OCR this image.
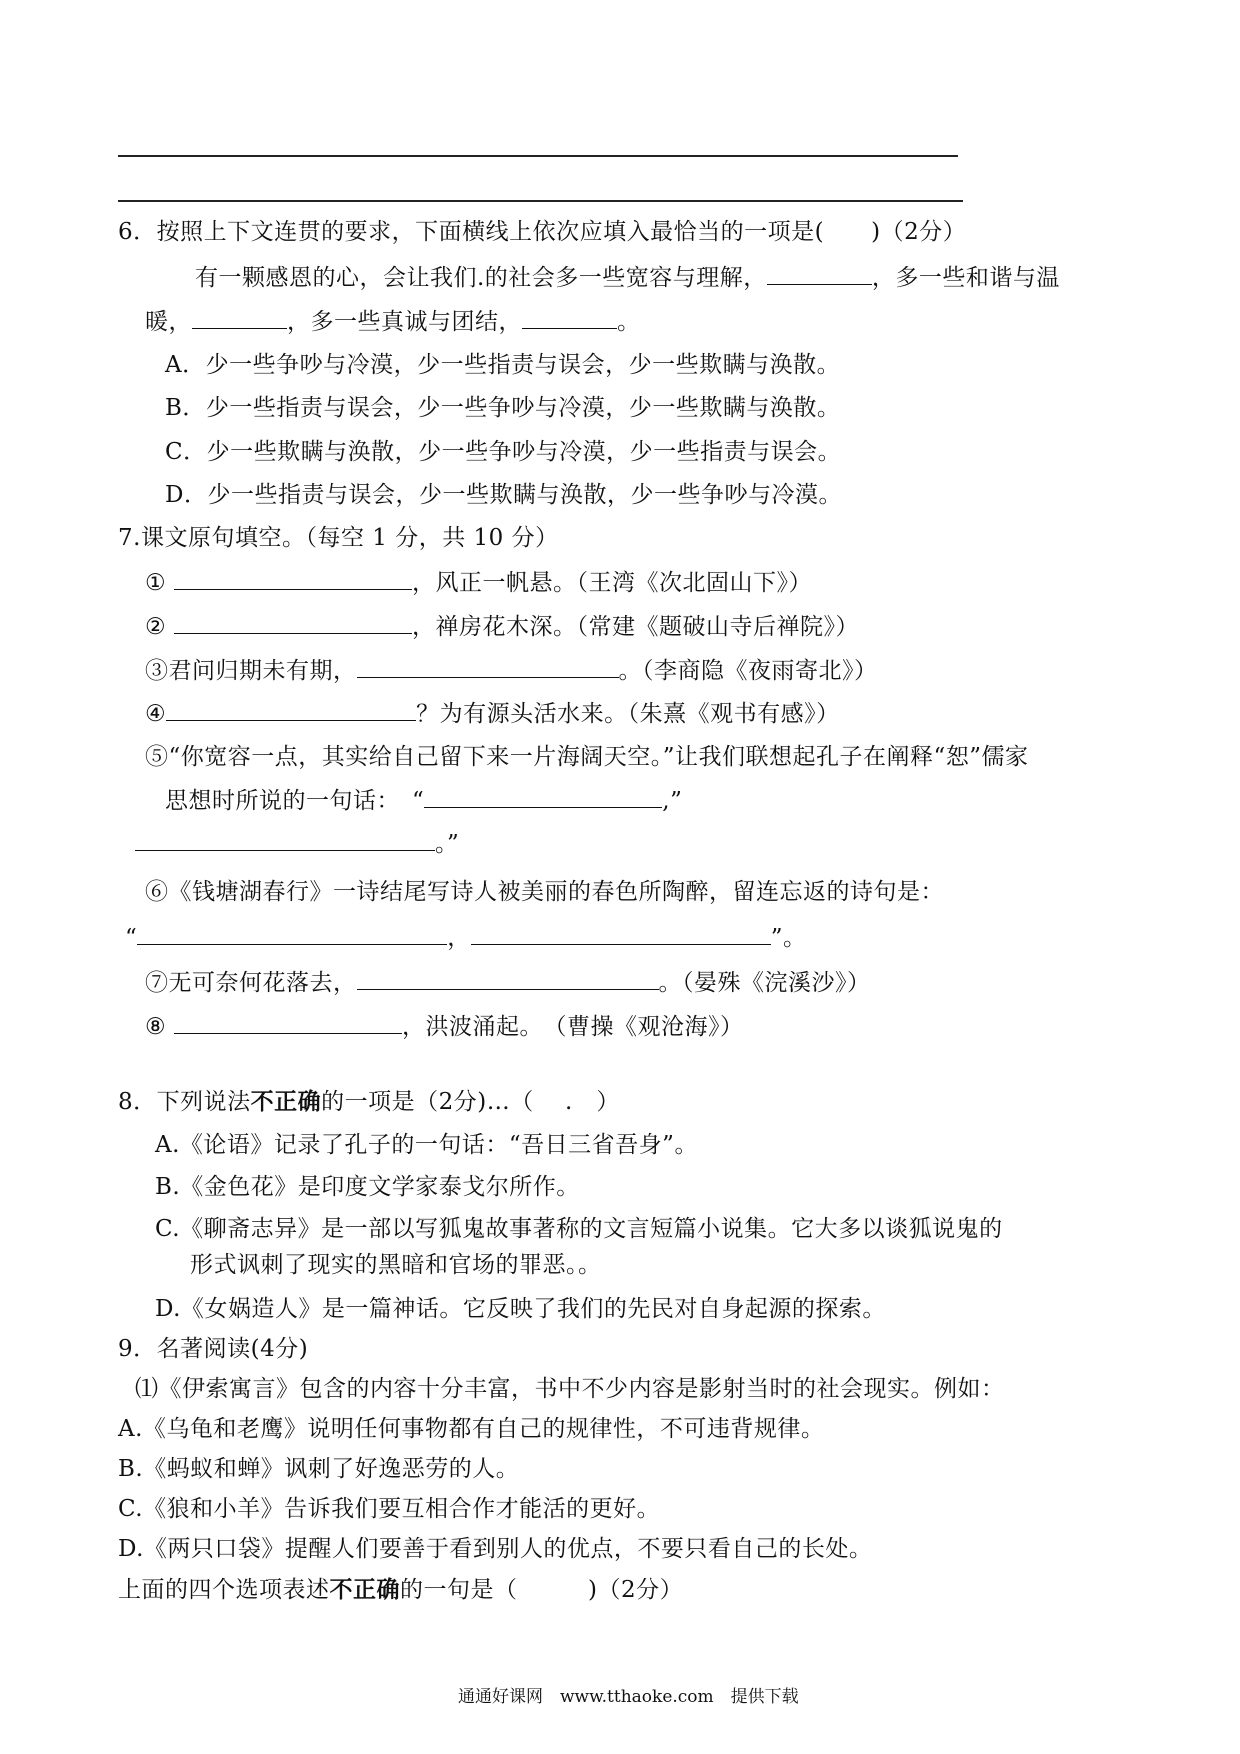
6．按照上下文连贯的要求，下面横线上依次应填入最恰当的一项是(　　)（2分）
有一颗感恩的心，会让我们.的社会多一些宽容与理解，	，多一些和谐与温
暖，	，多一些真诚与团结，	。
A．少一些争吵与冷漠，少一些指责与误会，少一些欺瞒与涣散。
B．少一些指责与误会，少一些争吵与冷漠，少一些欺瞒与涣散。
C．少一些欺瞒与涣散，少一些争吵与冷漠，少一些指责与误会。
D．少一些指责与误会，少一些欺瞒与涣散，少一些争吵与冷漠。
7.课文原句填空。（每空 1 分，共 10 分）
①	，风正一帆悬。（王湾《次北固山下》）
②	，禅房花木深。（常建《题破山寺后禅院》）
③君问归期未有期，	。（李商隐《夜雨寄北》）
④	？为有源头活水来。（朱熹《观书有感》）
⑤“你宽容一点，其实给自己留下来一片海阔天空。”让我们联想起孔子在阐释“恕”儒家
思想时所说的一句话：　“	,”
。”
⑥《钱塘湖春行》一诗结尾写诗人被美丽的春色所陶醉，留连忘返的诗句是：
“	，	”。
⑦无可奈何花落去，	。（晏殊《浣溪沙》）
⑧	，洪波涌起。　（曹操《观沧海》）
8．下列说法不正确的一项是（2分)…（　 .　）
A.《论语》记录了孔子的一句话：“吾日三省吾身”。
B.《金色花》是印度文学家泰戈尔所作。
C.《聊斋志异》是一部以写狐鬼故事著称的文言短篇小说集。它大多以谈狐说鬼的
形式讽刺了现实的黑暗和官场的罪恶。。
D.《女娲造人》是一篇神话。它反映了我们的先民对自身起源的探索。
9．名著阅读(4分)
⑴《伊索寓言》包含的内容十分丰富，书中不少内容是影射当时的社会现实。例如：
A.《乌龟和老鹰》说明任何事物都有自己的规律性，不可违背规律。
B.《蚂蚁和蝉》讽刺了好逸恶劳的人。
C.《狼和小羊》告诉我们要互相合作才能活的更好。
D.《两只口袋》提醒人们要善于看到别人的优点，不要只看自己的长处。
上面的四个选项表述不正确的一句是（　　　)（2分）
通通好课网　www.tthaoke.com　提供下载
